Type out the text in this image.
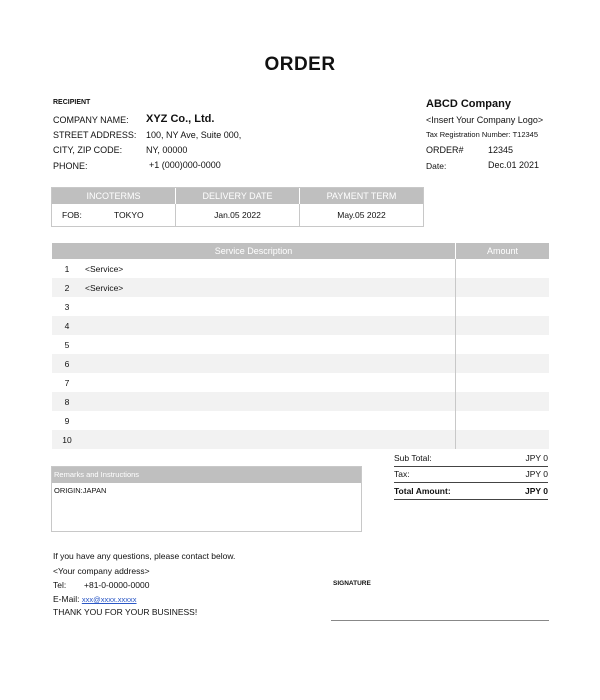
ORDER
RECIPIENT
COMPANY NAME: XYZ Co., Ltd.
STREET ADDRESS: 100, NY Ave, Suite 000,
CITY, ZIP CODE:	NY, 00000
PHONE:	+1 (000)000-0000
ABCD Company
<Insert Your Company Logo>
Tax Registration Number: T12345
ORDER#	12345
Date:	Dec.01 2021
INCOTERMS	DELIVERY DATE	PAYMENT TERM
FOB:	TOKYO	Jan.05 2022	May.05 2022
Service Description	Amount
1	<Service>
2	<Service>
3
4
5
6
7
8
9
10
Sub Total:	JPY 0
Tax:	JPY 0
Total Amount:	JPY 0
Remarks and Instructions
ORIGIN:JAPAN
If you have any questions, please contact below.
<Your company address>
Tel: +81-0-0000-0000
E-Mail: xxx@xxxx.xxxxx
THANK YOU FOR YOUR BUSINESS!
SIGNATURE
